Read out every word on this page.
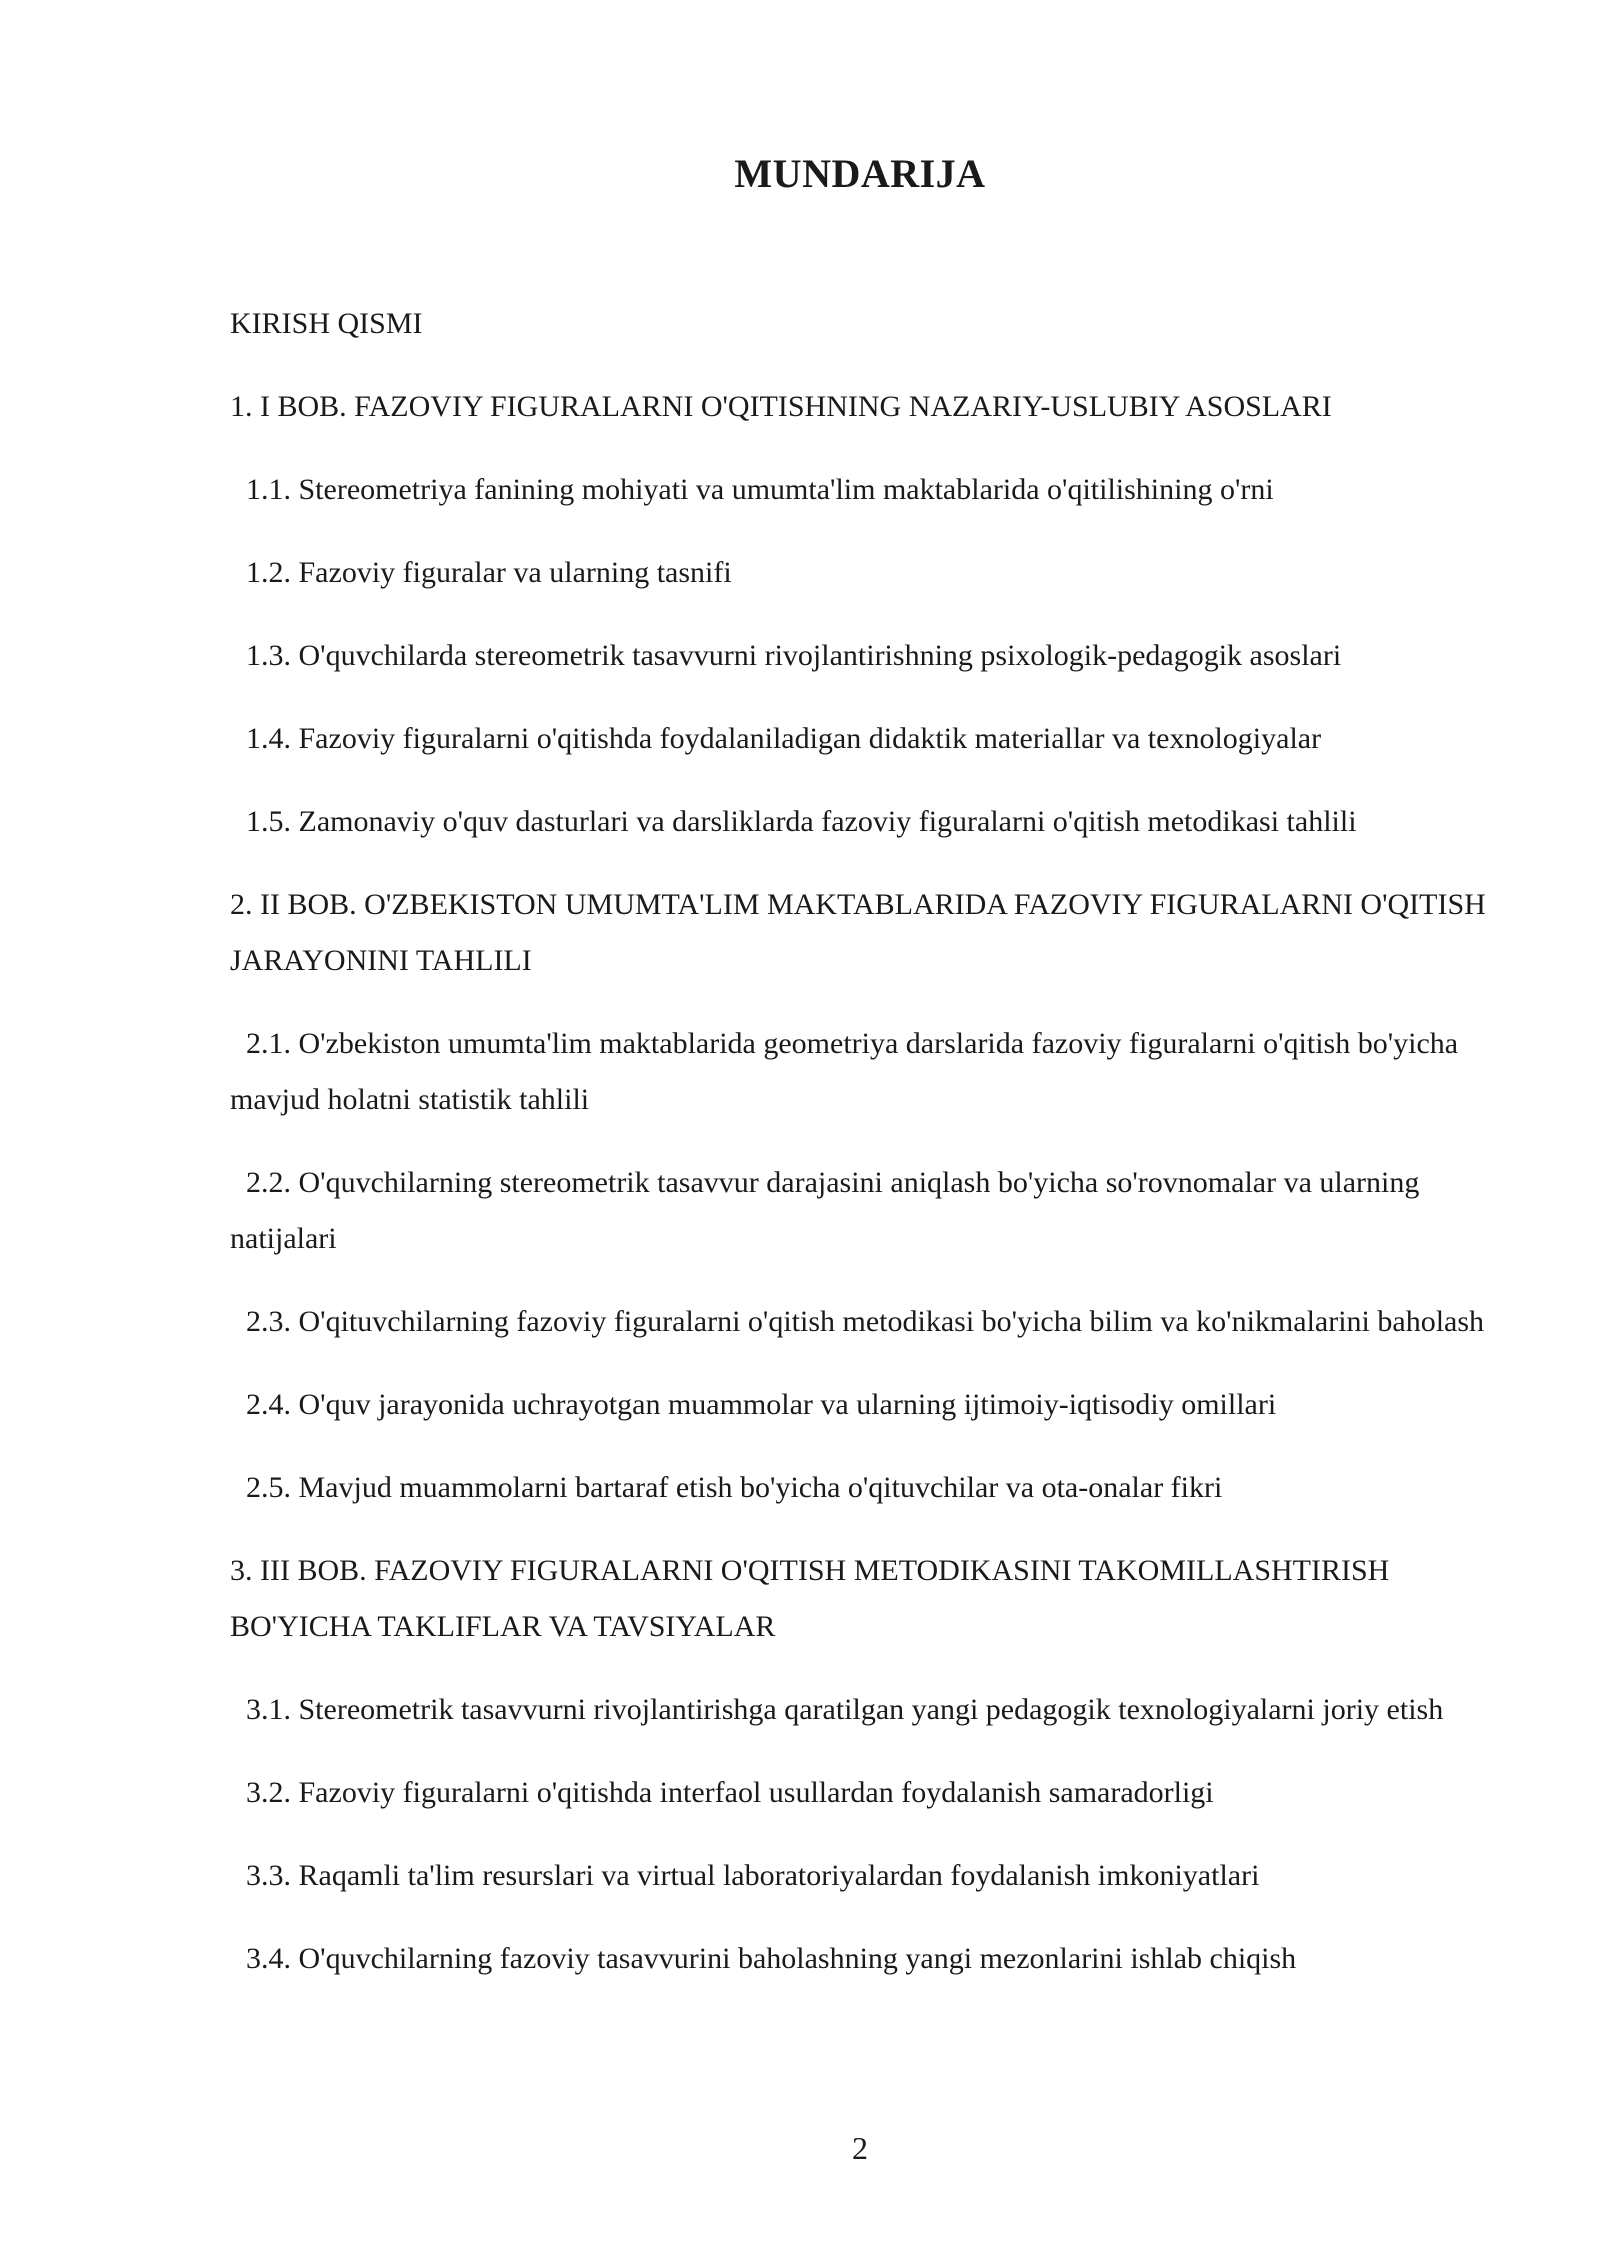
MUNDARIJA

KIRISH QISMI

1. I BOB. FAZOVIY FIGURALARNI O'QITISHNING NAZARIY-USLUBIY ASOSLARI

1.1. Stereometriya fanining mohiyati va umumta'lim maktablarida o'qitilishining o'rni

1.2. Fazoviy figuralar va ularning tasnifi

1.3. O'quvchilarda stereometrik tasavvurni rivojlantirishning psixologik-pedagogik asoslari

1.4. Fazoviy figuralarni o'qitishda foydalaniladigan didaktik materiallar va texnologiyalar

1.5. Zamonaviy o'quv dasturlari va darsliklarda fazoviy figuralarni o'qitish metodikasi tahlili

2. II BOB. O'ZBEKISTON UMUMTA'LIM MAKTABLARIDA FAZOVIY FIGURALARNI O'QITISH JARAYONINI TAHLILI

2.1. O'zbekiston umumta'lim maktablarida geometriya darslarida fazoviy figuralarni o'qitish bo'yicha mavjud holatni statistik tahlili

2.2. O'quvchilarning stereometrik tasavvur darajasini aniqlash bo'yicha so'rovnomalar va ularning natijalari

2.3. O'qituvchilarning fazoviy figuralarni o'qitish metodikasi bo'yicha bilim va ko'nikmalarini baholash

2.4. O'quv jarayonida uchrayotgan muammolar va ularning ijtimoiy-iqtisodiy omillari

2.5. Mavjud muammolarni bartaraf etish bo'yicha o'qituvchilar va ota-onalar fikri

3. III BOB. FAZOVIY FIGURALARNI O'QITISH METODIKASINI TAKOMILLASHTIRISH BO'YICHA TAKLIFLAR VA TAVSIYALAR

3.1. Stereometrik tasavvurni rivojlantirishga qaratilgan yangi pedagogik texnologiyalarni joriy etish

3.2. Fazoviy figuralarni o'qitishda interfaol usullardan foydalanish samaradorligi

3.3. Raqamli ta'lim resurslari va virtual laboratoriyalardan foydalanish imkoniyatlari

3.4. O'quvchilarning fazoviy tasavvurini baholashning yangi mezonlarini ishlab chiqish

2
